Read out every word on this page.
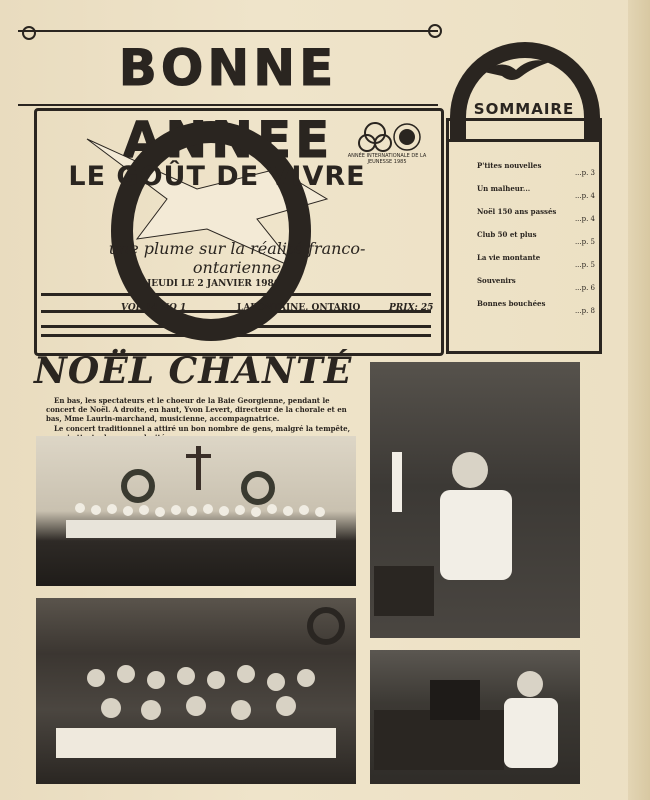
BONNE ANNEE
LE GOÛT DE VIVRE
une plume sur la réalité franco-ontarienne
ANNÉE INTERNATIONALE DE LA JEUNESSE 1985
JEUDI LE 2 JANVIER 1986
VOL 14 NO 1	LAFONTAINE, ONTARIO	PRIX: 25
SOMMAIRE
P'tites nouvelles
...p. 3
Un malheur...
...p. 4
Noël 150 ans passés
...p. 4
Club 50 et plus
...p. 5
La vie montante
...p. 5
Souvenirs
...p. 6
Bonnes bouchées
...p. 8
NOËL CHANTÉ

En bas, les spectateurs et le choeur de la Baie Georgienne, pendant le concert de Noël. A droite, en haut, Yvon Levert, directeur de la chorale et en bas, Mme Laurin-marchand, musicienne, accompagnatrice.

Le concert traditionnel a attiré un bon nombre de gens, malgré la tempête,
